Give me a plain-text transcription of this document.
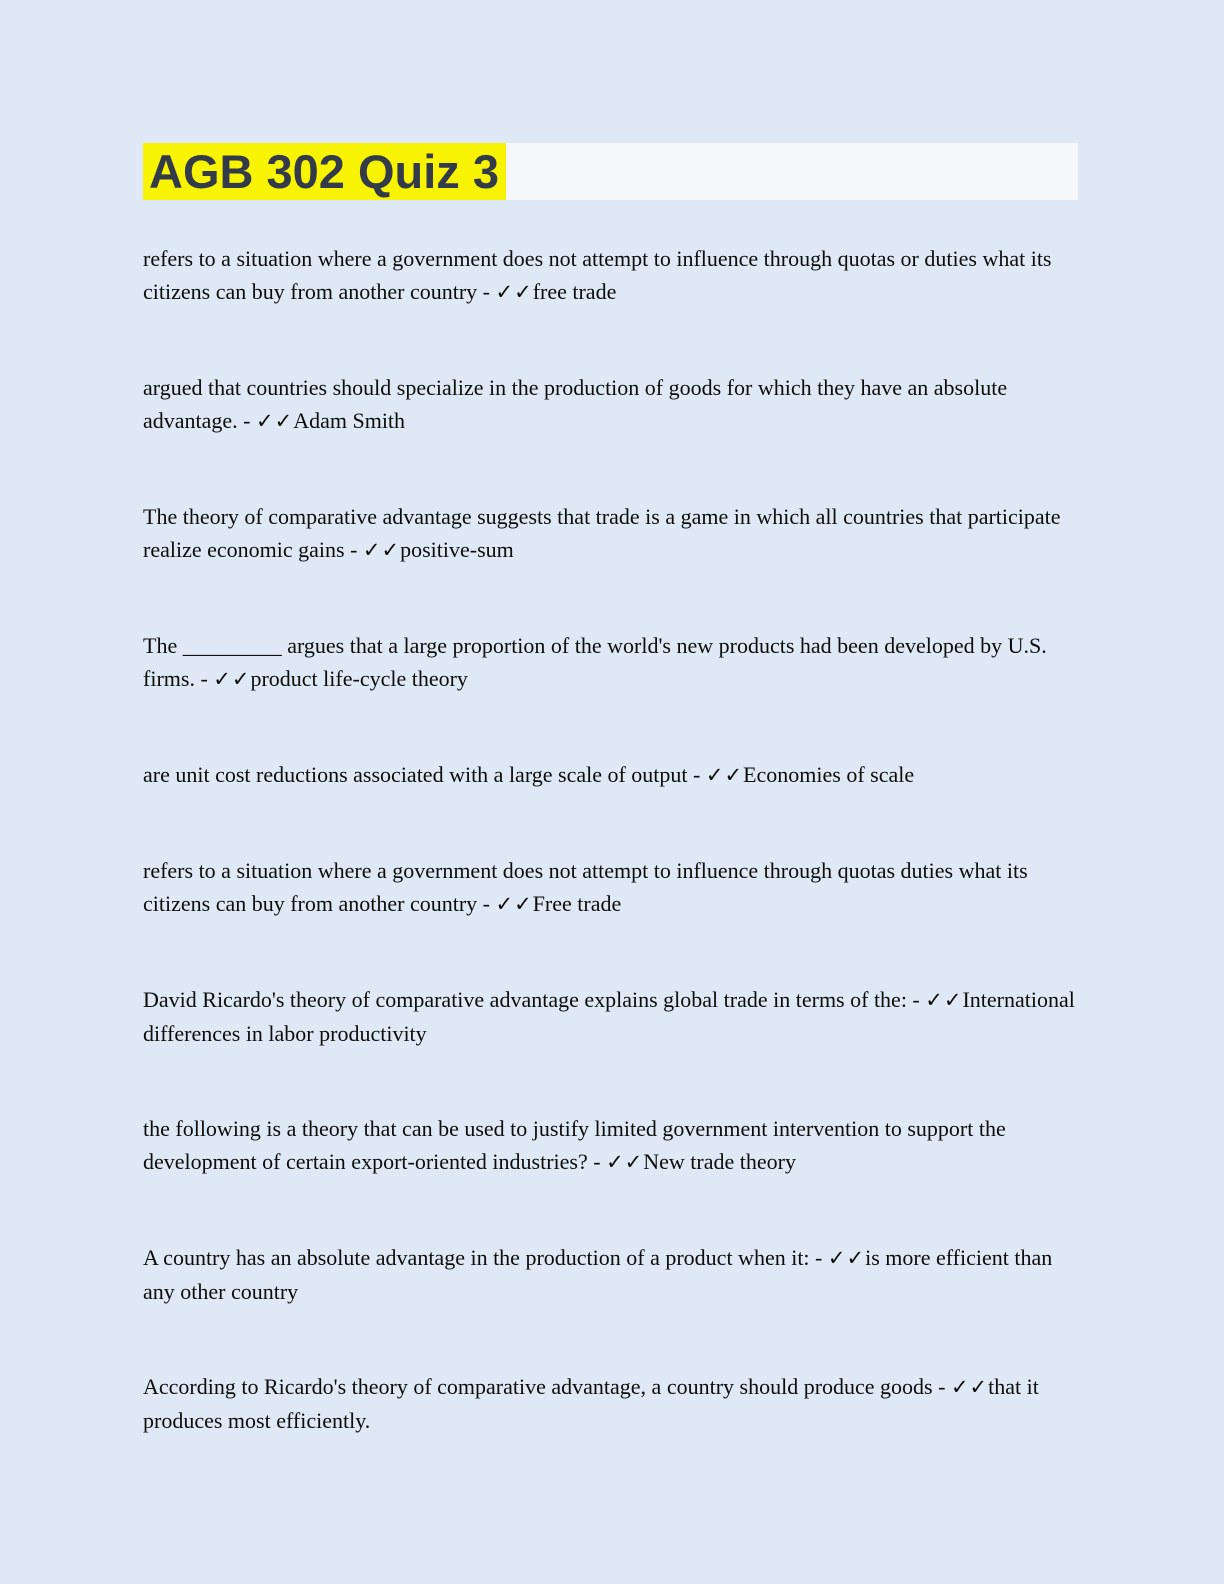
AGB 302 Quiz 3

refers to a situation where a government does not attempt to influence through quotas or duties what its citizens can buy from another country - ✓✓free trade

argued that countries should specialize in the production of goods for which they have an absolute advantage. - ✓✓Adam Smith

The theory of comparative advantage suggests that trade is a game in which all countries that participate realize economic gains - ✓✓positive-sum

The _________ argues that a large proportion of the world's new products had been developed by U.S. firms. - ✓✓product life-cycle theory

are unit cost reductions associated with a large scale of output - ✓✓Economies of scale

refers to a situation where a government does not attempt to influence through quotas duties what its citizens can buy from another country - ✓✓Free trade

David Ricardo's theory of comparative advantage explains global trade in terms of the: - ✓✓International differences in labor productivity

the following is a theory that can be used to justify limited government intervention to support the development of certain export-oriented industries? - ✓✓New trade theory

A country has an absolute advantage in the production of a product when it: - ✓✓is more efficient than any other country

According to Ricardo's theory of comparative advantage, a country should produce goods - ✓✓that it produces most efficiently.
